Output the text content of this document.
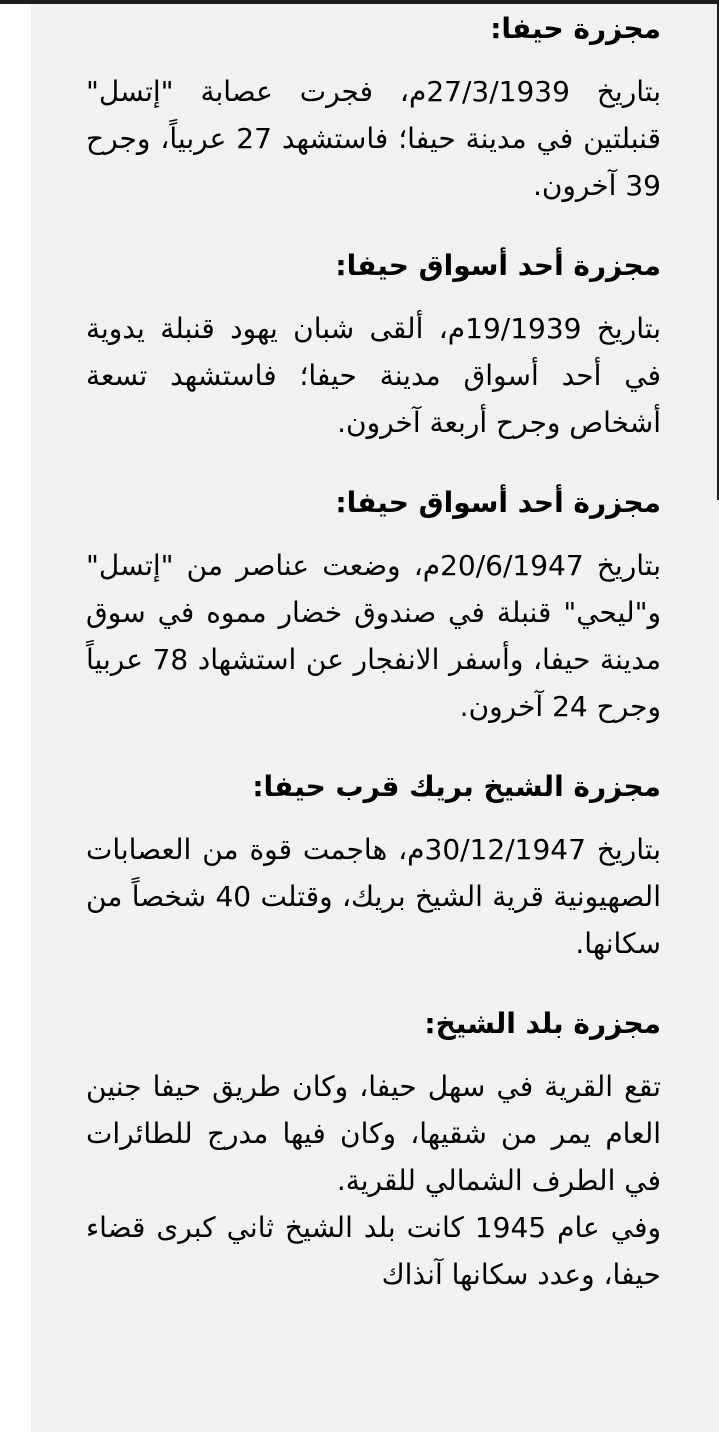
مجزرة حيفا:

بتاريخ 27/3/1939م، فجرت عصابة "إتسل" قنبلتين في مدينة حيفا؛ فاستشهد 27 عربياً، وجرح 39 آخرون.

مجزرة أحد أسواق حيفا:

بتاريخ 19/1939م، ألقى شبان يهود قنبلة يدوية في أحد أسواق مدينة حيفا؛ فاستشهد تسعة أشخاص وجرح أربعة آخرون.

مجزرة أحد أسواق حيفا:

بتاريخ 20/6/1947م، وضعت عناصر من "إتسل" و"ليحي" قنبلة في صندوق خضار مموه في سوق مدينة حيفا، وأسفر الانفجار عن استشهاد 78 عربياً وجرح 24 آخرون.

مجزرة الشيخ بريك قرب حيفا:

بتاريخ 30/12/1947م، هاجمت قوة من العصابات الصهيونية قرية الشيخ بريك، وقتلت 40 شخصاً من سكانها.

مجزرة بلد الشيخ:

تقع القرية في سهل حيفا، وكان طريق حيفا جنين العام يمر من شقيها، وكان فيها مدرج للطائرات في الطرف الشمالي للقرية.

وفي عام 1945 كانت بلد الشيخ ثاني كبرى قضاء حيفا، وعدد سكانها آنذاك
